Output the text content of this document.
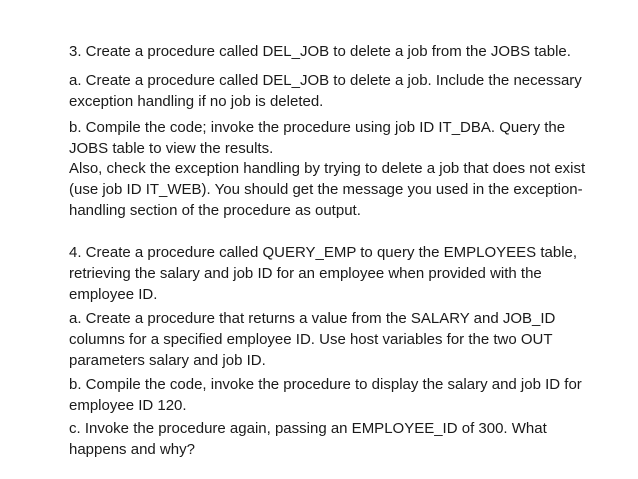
3. Create a procedure called DEL_JOB to delete a job from the JOBS table.

a. Create a procedure called DEL_JOB to delete a job. Include the necessary
exception handling if no job is deleted.

b. Compile the code; invoke the procedure using job ID IT_DBA. Query the
JOBS table to view the results.

Also, check the exception handling by trying to delete a job that does not exist
(use job ID IT_WEB). You should get the message you used in the exception-
handling section of the procedure as output.

4. Create a procedure called QUERY_EMP to query the EMPLOYEES table,
retrieving the salary and job ID for an employee when provided with the
employee ID.

a. Create a procedure that returns a value from the SALARY and JOB_ID
columns for a specified employee ID. Use host variables for the two OUT
parameters salary and job ID.

b. Compile the code, invoke the procedure to display the salary and job ID for
employee ID 120.

c. Invoke the procedure again, passing an EMPLOYEE_ID of 300. What
happens and why?
